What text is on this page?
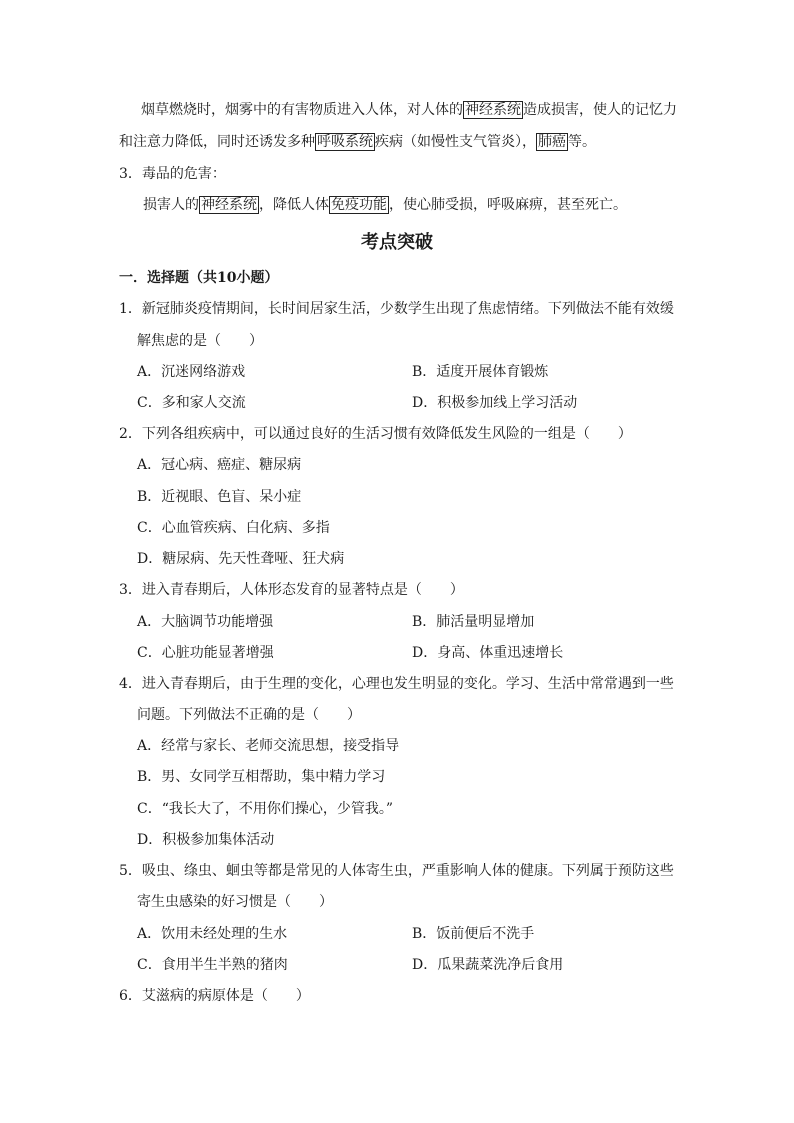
烟草燃烧时，烟雾中的有害物质进入人体，对人体的 神经系统 造成损害，使人的记忆力
和注意力降低，同时还诱发多种 呼吸系统 疾病（如慢性支气管炎）， 肺癌 等。
3．毒品的危害：
损害人的 神经系统 ，降低人体 免疫功能 ，使心肺受损，呼吸麻痹，甚至死亡。
考点突破
一．选择题（共10小题）
1．新冠肺炎疫情期间，长时间居家生活，少数学生出现了焦虑情绪。下列做法不能有效缓
解焦虑的是（　　）
A．沉迷网络游戏	B．适度开展体育锻炼
C．多和家人交流	D．积极参加线上学习活动
2．下列各组疾病中，可以通过良好的生活习惯有效降低发生风险的一组是（　　）
A．冠心病、癌症、糖尿病
B．近视眼、色盲、呆小症
C．心血管疾病、白化病、多指
D．糖尿病、先天性聋哑、狂犬病
3．进入青春期后，人体形态发育的显著特点是（　　）
A．大脑调节功能增强	B．肺活量明显增加
C．心脏功能显著增强	D．身高、体重迅速增长
4．进入青春期后，由于生理的变化，心理也发生明显的变化。学习、生活中常常遇到一些
问题。下列做法不正确的是（　　）
A．经常与家长、老师交流思想，接受指导
B．男、女同学互相帮助，集中精力学习
C．“我长大了，不用你们操心，少管我。”
D．积极参加集体活动
5．吸虫、绦虫、蛔虫等都是常见的人体寄生虫，严重影响人体的健康。下列属于预防这些
寄生虫感染的好习惯是（　　）
A．饮用未经处理的生水	B．饭前便后不洗手
C．食用半生半熟的猪肉	D．瓜果蔬菜洗净后食用
6．艾滋病的病原体是（　　）
